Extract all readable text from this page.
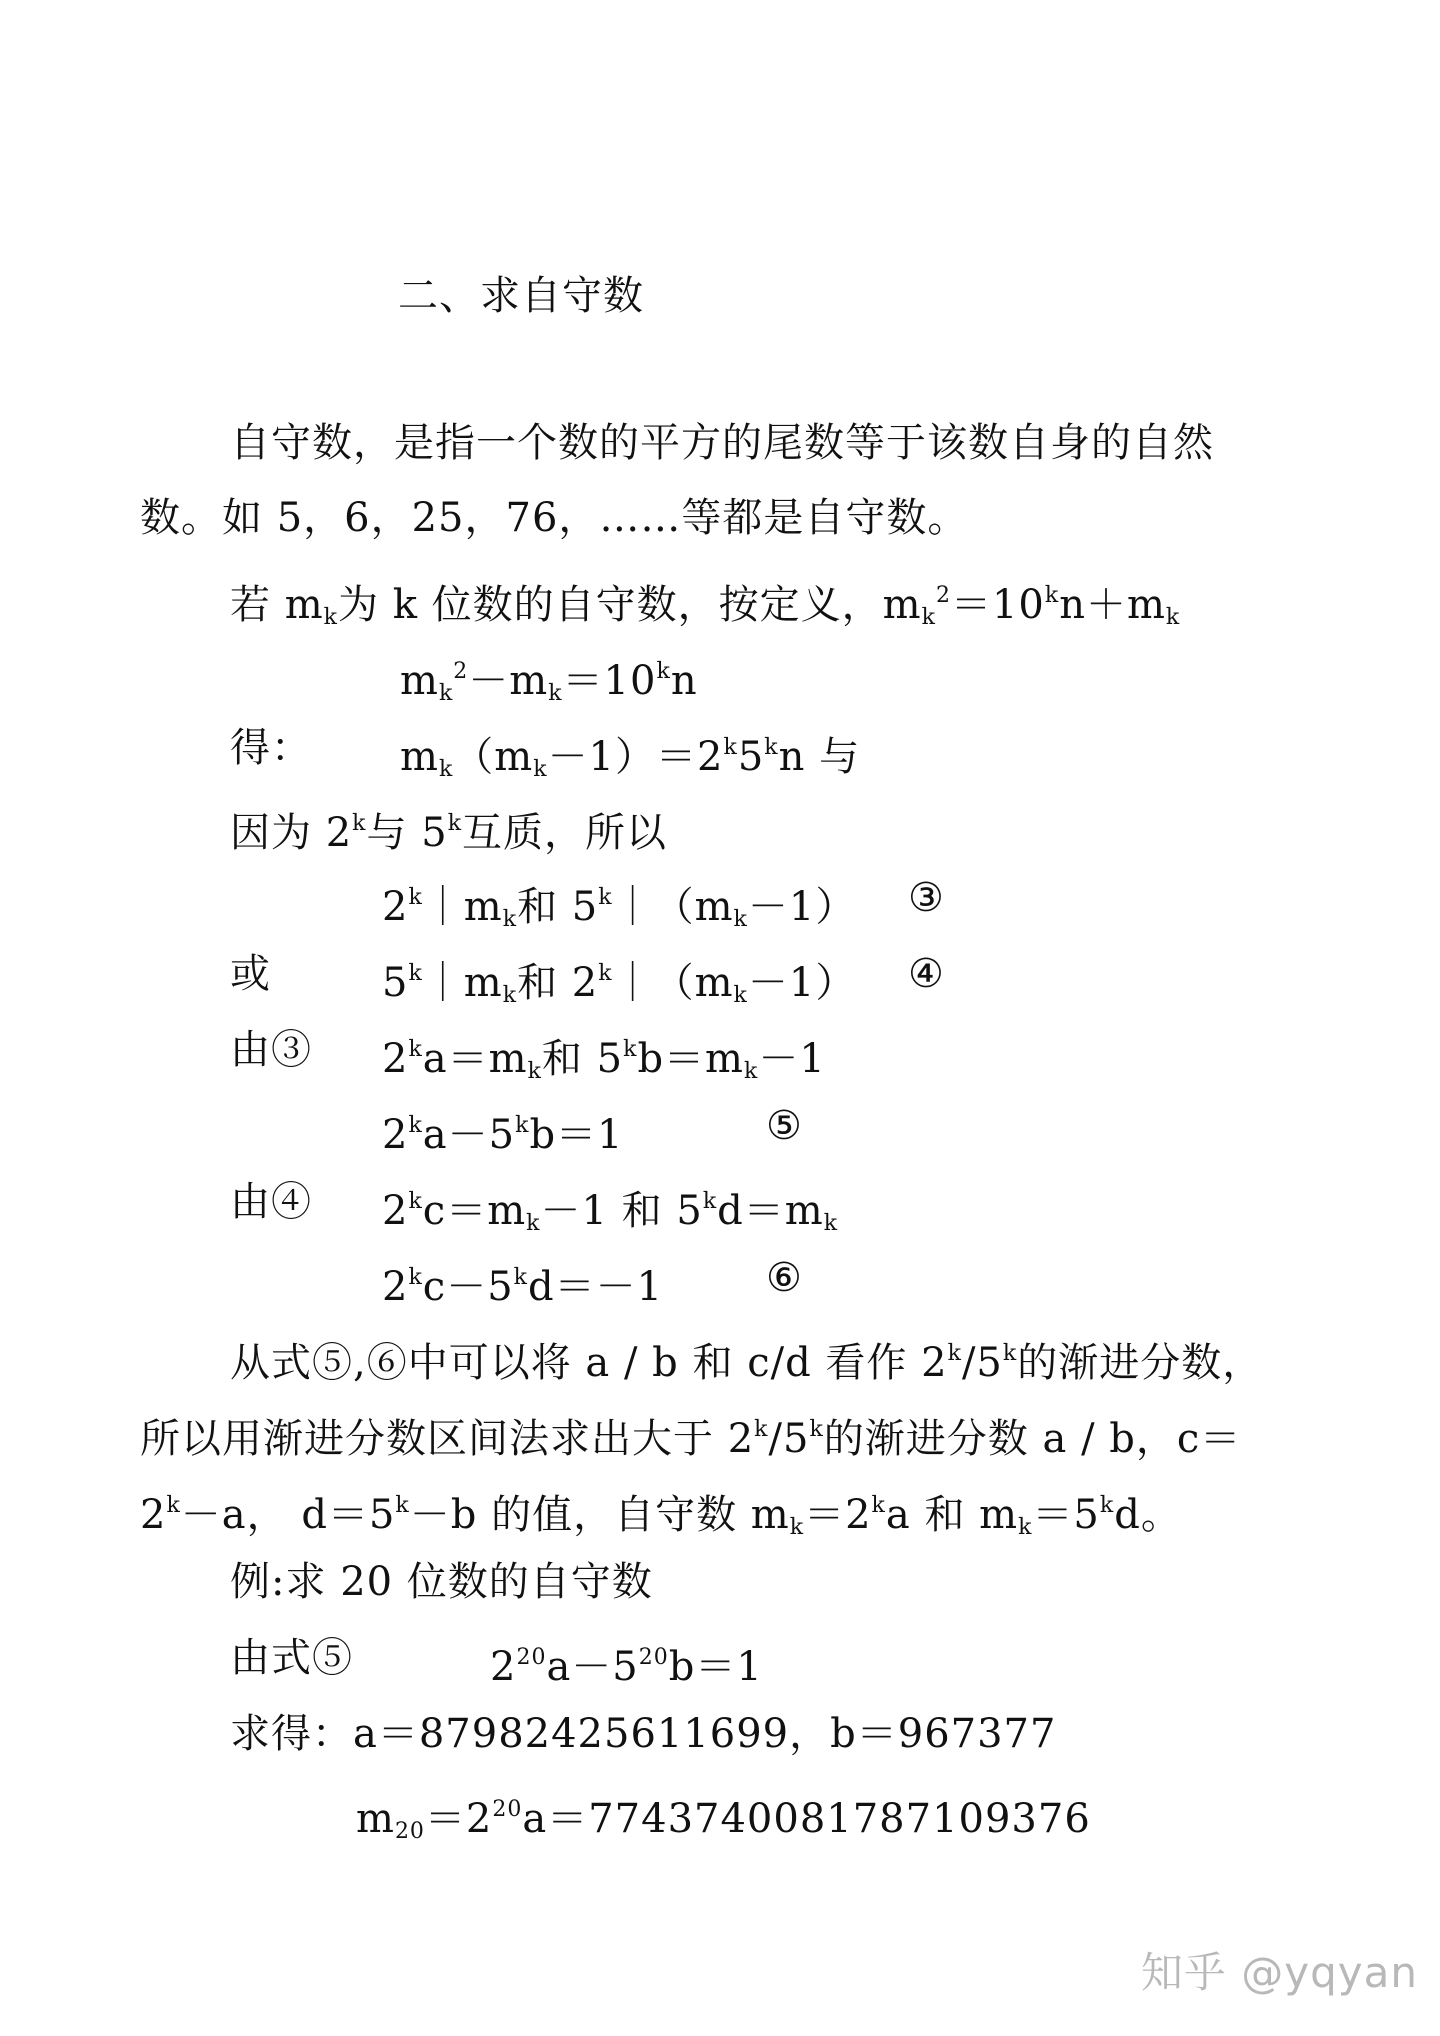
二、求自守数
自守数，是指一个数的平方的尾数等于该数自身的自然
数。如 5，6，25，76，……等都是自守数。
若 $m_k$为 k 位数的自守数，按定义，$m_k^2=10^kn+m_k$
$m_k^2-m_k=10^kn$
得： $m_k(m_k-1)=2^k5^kn$ 与
因为 2$^k$与 5$^k$互质，所以
$2^k|m_k$和 $5^k|(m_k-1)$ ③
或	$5^k|m_k$和 $2^k|(m_k-1)$ ④
由③ $2^ka=m_k$和 $5^kb=m_k-1$
$2^ka-5^kb=1$	⑤
由④ $2^kc=m_k-1$ 和 $5^kd=m_k$
$2^kc-5^kd=-1$	⑥
从式⑤,⑥中可以将 a / b 和 c/d 看作 2$^k$/5$^k$的渐进分数，
所以用渐进分数区间法求出大于 2$^k$/5$^k$的渐进分数 a / b，c＝
$2^k-a$， $d=5^k-b$ 的值，自守数 $m_k=2^ka$ 和 $m_k=5^kd$。
例:求 20 位数的自守数
由式⑤	$2^{20}a-5^{20}b=1$
求得：a＝87982425611699，b＝967377
$m_{20}=2^{20}a=7743740081787109376$
知乎 @yqyan
